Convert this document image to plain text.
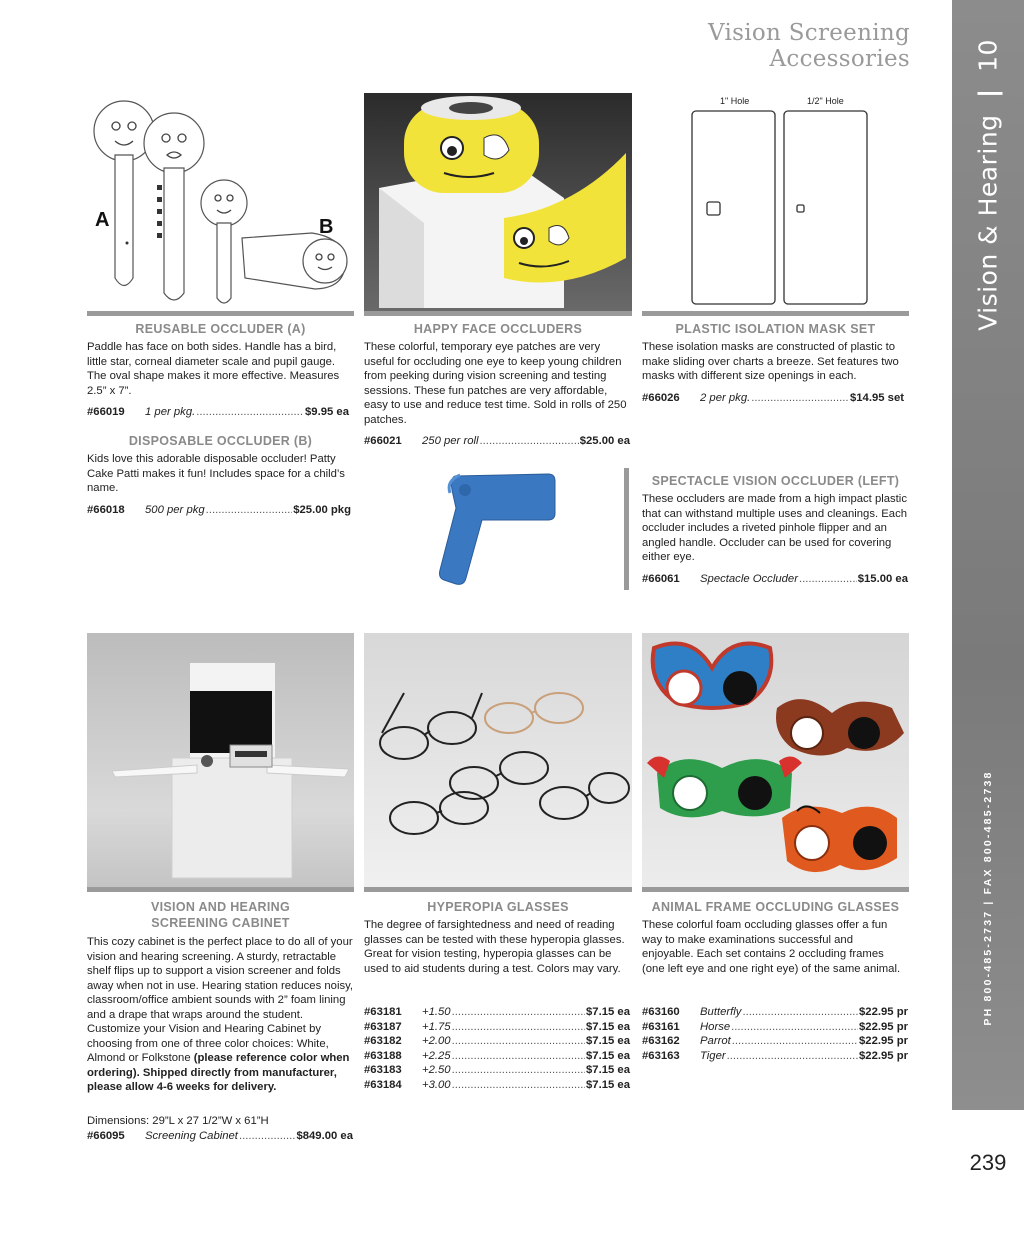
Vision Screening Accessories
Vision & Hearing | 10
PH 800-485-2737 | FAX 800-485-2738
239
A	B
1" Hole	1/2" Hole
REUSABLE OCCLUDER (A)
Paddle has face on both sides. Handle has a bird, little star, corneal diameter scale and pupil gauge. The oval shape makes it more effective. Measures 2.5” x 7”.
#66019	1 per pkg. .....	$9.95 ea
DISPOSABLE OCCLUDER (B)
Kids love this adorable disposable occluder! Patty Cake Patti makes it fun! Includes space for a child’s name.
#66018	500 per pkg .....	$25.00 pkg
HAPPY FACE OCCLUDERS
These colorful, temporary eye patches are very useful for occluding one eye to keep young children from peeking during vision screening and testing sessions. These fun patches are very affordable, easy to use and reduce test time. Sold in rolls of 250 patches.
#66021	250 per roll .....	$25.00 ea
PLASTIC ISOLATION MASK SET
These isolation masks are constructed of plastic to make sliding over charts a breeze. Set features two masks with different size openings in each.
#66026	2 per pkg. .....	$14.95 set
SPECTACLE VISION OCCLUDER (LEFT)
These occluders are made from a high impact plastic that can withstand multiple uses and cleanings. Each occluder includes a riveted pinhole flipper and an angled handle. Occluder can be used for covering either eye.
#66061	Spectacle Occluder .....	$15.00 ea
VISION AND HEARING
SCREENING CABINET
This cozy cabinet is the perfect place to do all of your vision and hearing screening. A sturdy, retractable shelf flips up to support a vision screener and folds away when not in use. Hearing station reduces noisy, classroom/office ambient sounds with 2” foam lining and a drape that wraps around the student. Customize your Vision and Hearing Cabinet by choosing from one of three color choices: White, Almond or Folkstone (please reference color when ordering). Shipped directly from manufacturer, please allow 4-6 weeks for delivery.
Dimensions: 29”L x 27 1/2”W x 61”H
#66095	Screening Cabinet .....	$849.00 ea
HYPEROPIA GLASSES
The degree of farsightedness and need of reading glasses can be tested with these hyperopia glasses. Great for vision testing, hyperopia glasses can be used to aid students during a test. Colors may vary.
#63181	+1.50 .....	$7.15 ea
#63187	+1.75 .....	$7.15 ea
#63182	+2.00 .....	$7.15 ea
#63188	+2.25 .....	$7.15 ea
#63183	+2.50 .....	$7.15 ea
#63184	+3.00 .....	$7.15 ea
ANIMAL FRAME OCCLUDING GLASSES
These colorful foam occluding glasses offer a fun way to make examinations successful and enjoyable. Each set contains 2 occluding frames (one left eye and one right eye) of the same animal.
#63160	Butterfly .....	$22.95 pr
#63161	Horse .....	$22.95 pr
#63162	Parrot .....	$22.95 pr
#63163	Tiger .....	$22.95 pr
